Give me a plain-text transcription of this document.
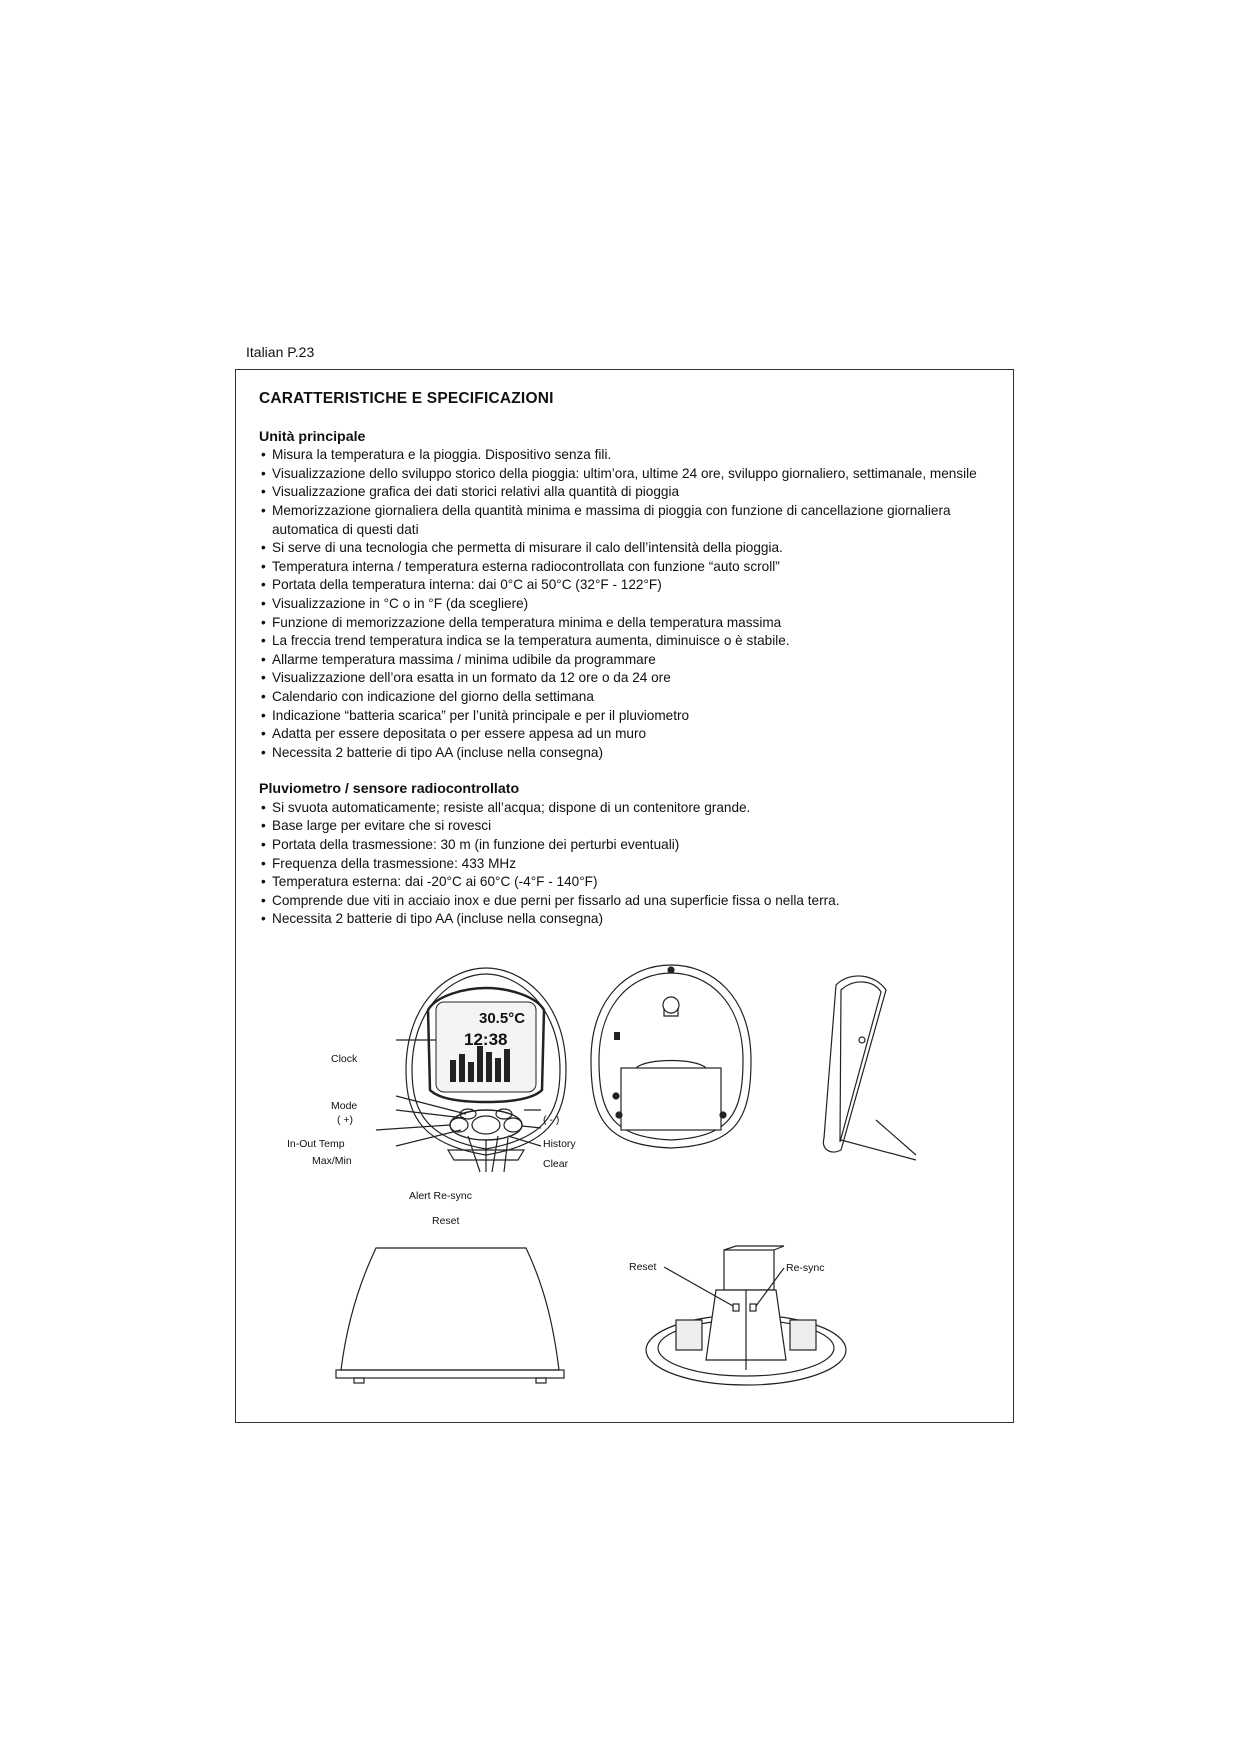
Italian P.23
CARATTERISTICHE E SPECIFICAZIONI
Unità principale
• Misura la temperatura e la pioggia. Dispositivo senza fili.
• Visualizzazione dello sviluppo storico della pioggia: ultim’ora, ultime 24 ore, sviluppo giornaliero, settimanale, mensile
• Visualizzazione grafica dei dati storici relativi alla quantità di pioggia
• Memorizzazione giornaliera della quantità minima e massima di pioggia con funzione di cancellazione giornaliera automatica di questi dati
• Si serve di una tecnologia che permetta di misurare il calo dell’intensità della pioggia.
• Temperatura interna / temperatura esterna radiocontrollata con funzione “auto scroll”
• Portata della temperatura interna: dai 0°C ai 50°C (32°F - 122°F)
• Visualizzazione in °C o in °F (da scegliere)
• Funzione di memorizzazione della temperatura minima e della temperatura massima
• La freccia trend temperatura indica se la temperatura aumenta, diminuisce o è stabile.
• Allarme temperatura massima / minima udibile da programmare
• Visualizzazione dell’ora esatta in un formato da 12 ore o da 24 ore
• Calendario con indicazione del giorno della settimana
• Indicazione “batteria scarica” per l’unità principale e per il pluviometro
• Adatta per essere depositata o per essere appesa ad un muro
• Necessita 2 batterie di tipo AA (incluse nella consegna)
Pluviometro / sensore radiocontrollato
• Si svuota automaticamente; resiste all’acqua; dispone di un contenitore grande.
• Base large per evitare che si rovesci
• Portata della trasmessione: 30 m (in funzione dei perturbi eventuali)
• Frequenza della trasmessione: 433 MHz
• Temperatura esterna: dai -20°C ai 60°C (-4°F - 140°F)
• Comprende due viti in acciaio inox e due perni per fissarlo ad una superficie fissa o nella terra.
• Necessita 2 batterie di tipo AA (incluse nella consegna)
Clock
Mode
( +)	( - )
In-Out Temp	History
Max/Min	Clear
Alert Re-sync
Reset
Reset	Re-sync
30.5°C
12:38
